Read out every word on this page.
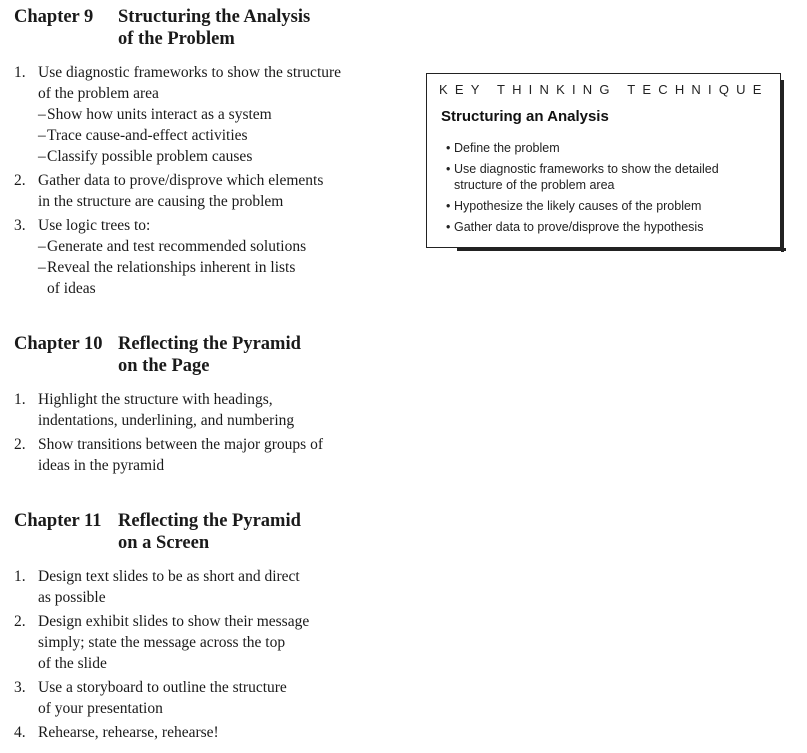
Chapter 9	Structuring the Analysis
of the Problem
1. Use diagnostic frameworks to show the structure
of the problem area
– Show how units interact as a system
– Trace cause-and-effect activities
– Classify possible problem causes
2. Gather data to prove/disprove which elements
in the structure are causing the problem
3. Use logic trees to:
– Generate and test recommended solutions
– Reveal the relationships inherent in lists
of ideas
Chapter 10 Reflecting the Pyramid
on the Page
1. Highlight the structure with headings,
indentations, underlining, and numbering
2. Show transitions between the major groups of
ideas in the pyramid
Chapter 11 Reflecting the Pyramid
on a Screen
1. Design text slides to be as short and direct
as possible
2. Design exhibit slides to show their message
simply; state the message across the top
of the slide
3. Use a storyboard to outline the structure
of your presentation
4. Rehearse, rehearse, rehearse!
KEY THINKING TECHNIQUE
Structuring an Analysis
• Define the problem
• Use diagnostic frameworks to show the detailed
structure of the problem area
• Hypothesize the likely causes of the problem
• Gather data to prove/disprove the hypothesis
